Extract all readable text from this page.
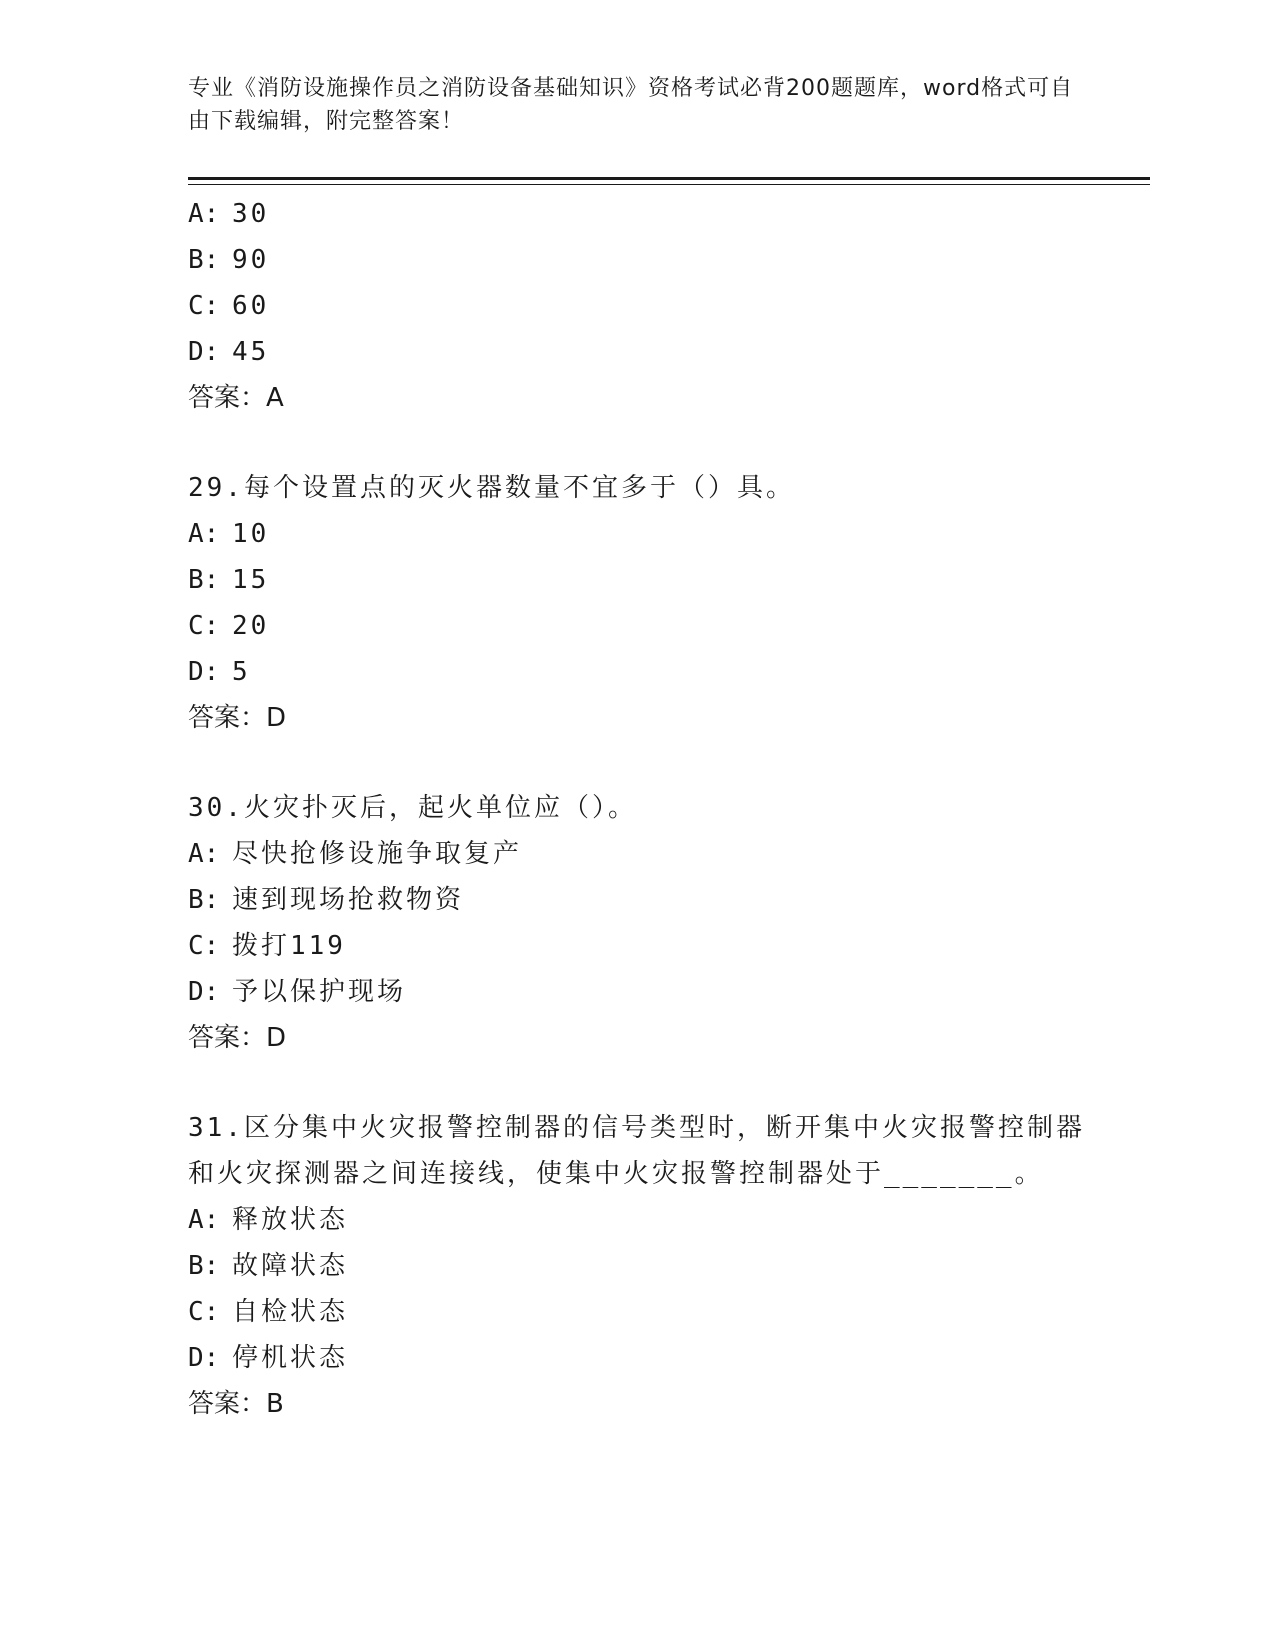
专业《消防设施操作员之消防设备基础知识》资格考试必背200题题库，word格式可自由下载编辑，附完整答案！
A: 30
B: 90
C: 60
D: 45
答案：A
29.每个设置点的灭火器数量不宜多于（）具。
A: 10
B: 15
C: 20
D: 5
答案：D
30.火灾扑灭后，起火单位应（）。
A: 尽快抢修设施争取复产
B: 速到现场抢救物资
C: 拨打119
D: 予以保护现场
答案：D
31.区分集中火灾报警控制器的信号类型时，断开集中火灾报警控制器和火灾探测器之间连接线，使集中火灾报警控制器处于_______。
A: 释放状态
B: 故障状态
C: 自检状态
D: 停机状态
答案：B
